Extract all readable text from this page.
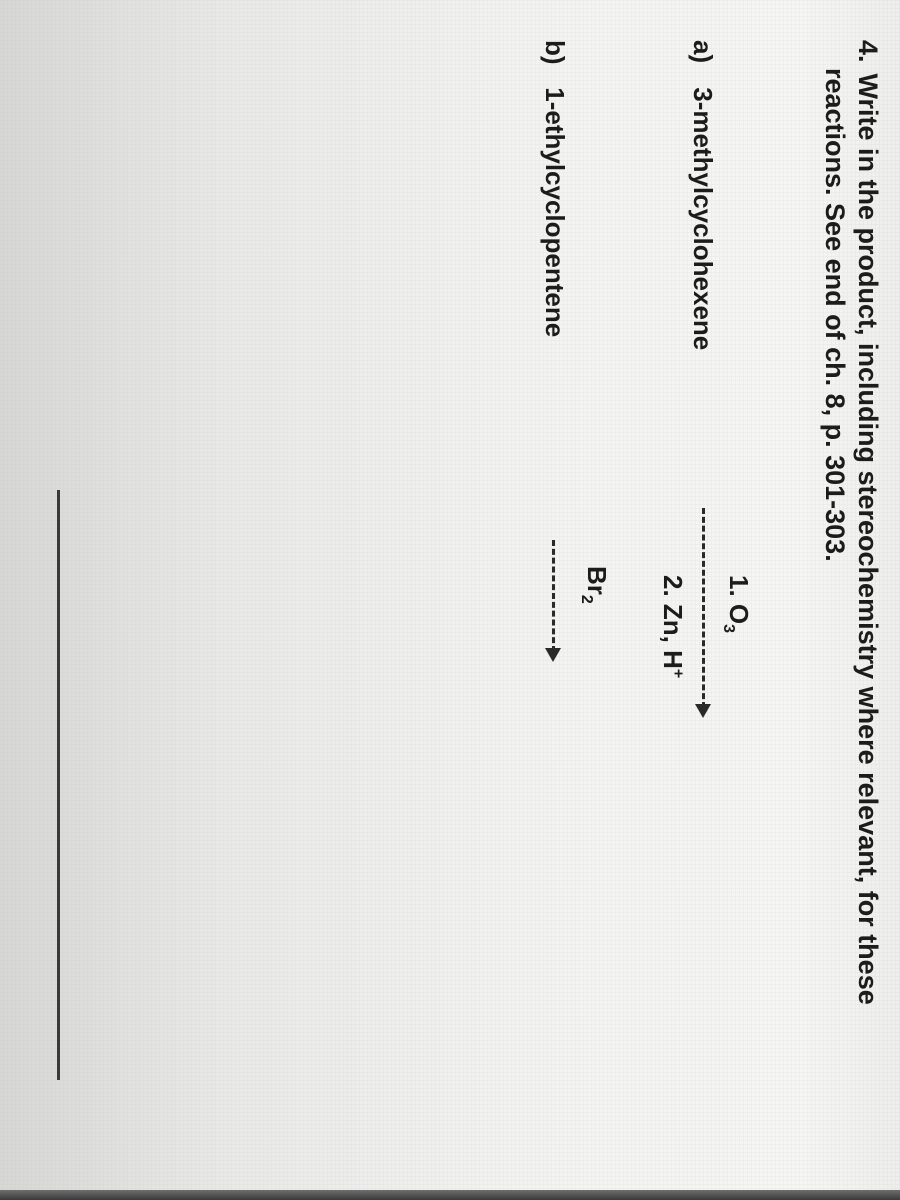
4. Write in the product, including stereochemistry where relevant, for these
reactions. See end of ch. 8, p. 301-303.
a) 3-methylcyclohexene
1. $O_3$
2. Zn, H+
b) 1-ethylcyclopentene
$Br_2$
